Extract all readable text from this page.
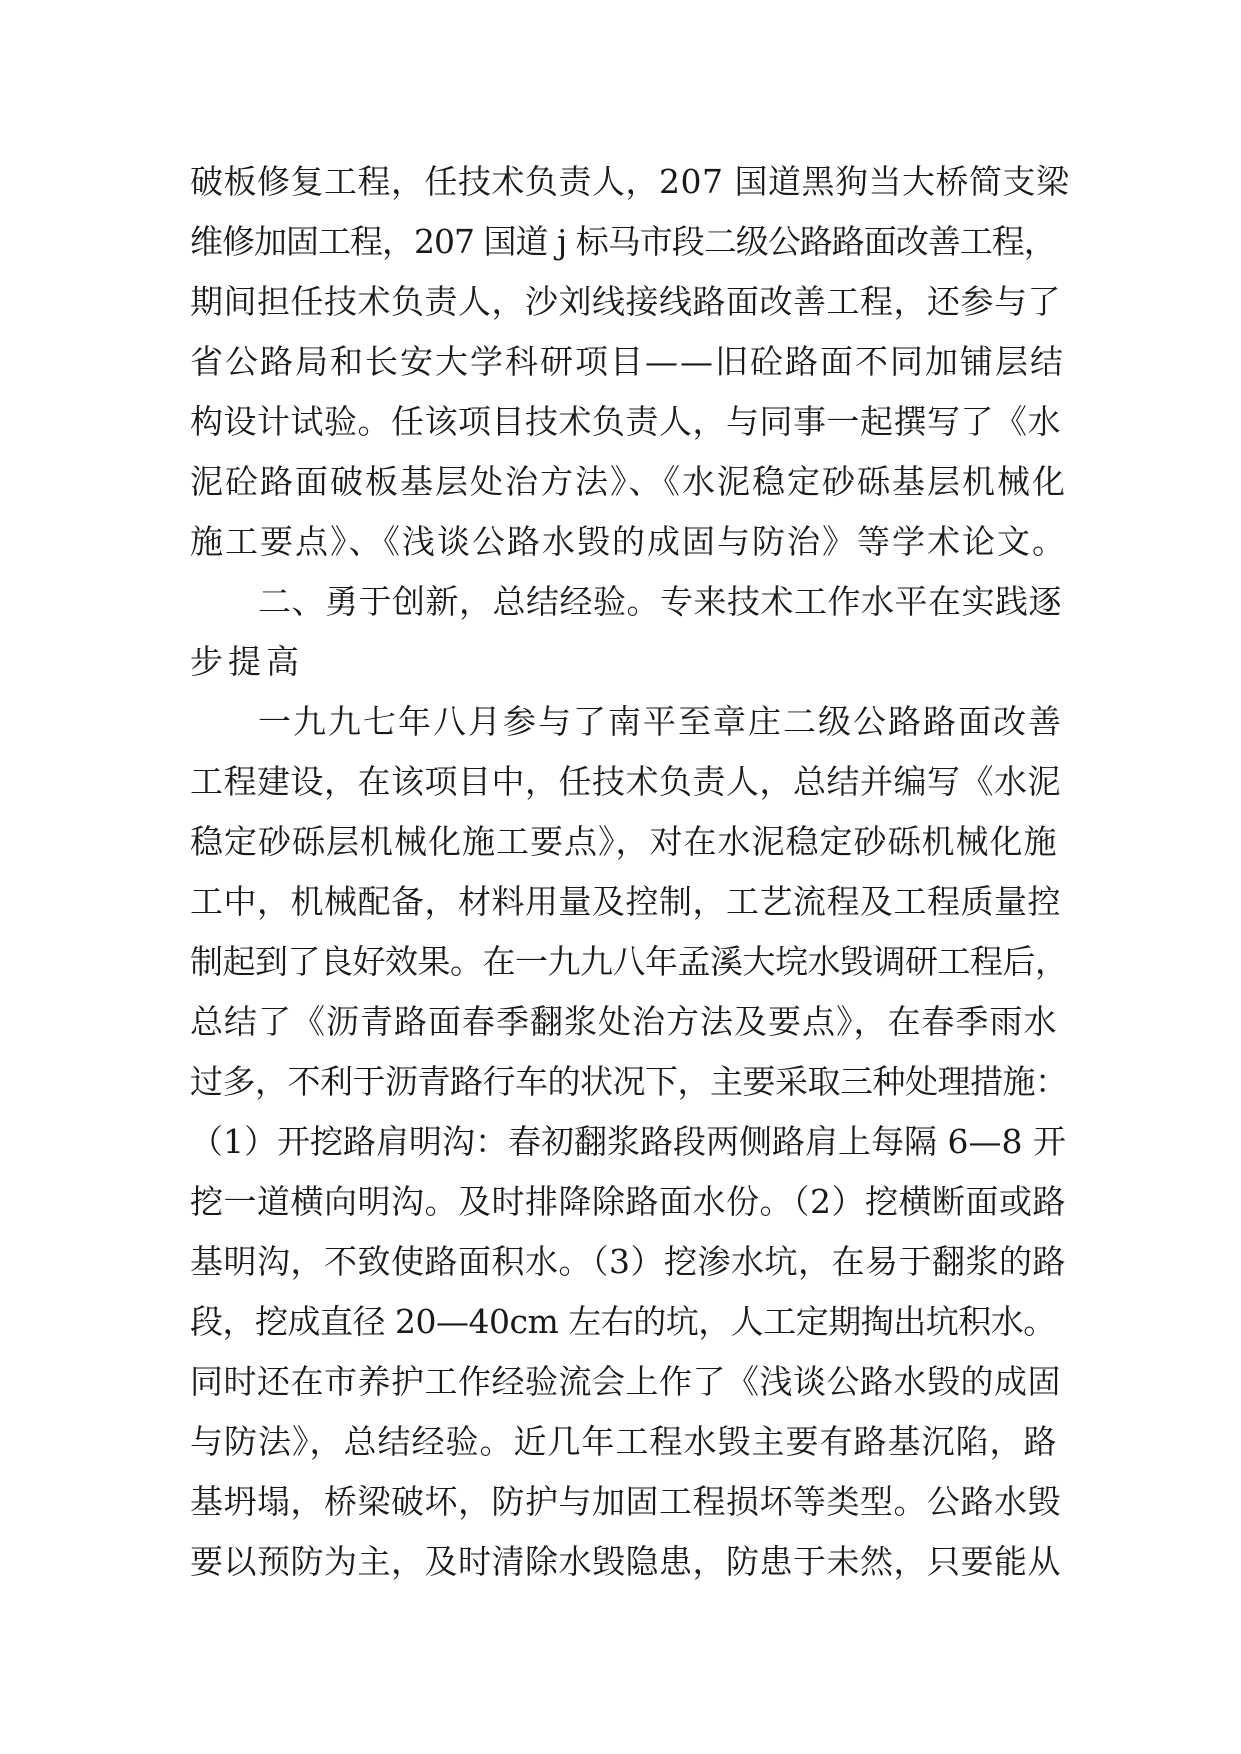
破板修复工程，任技术负责人，207 国道黑狗当大桥简支梁
维修加固工程，207 国道 j 标马市段二级公路路面改善工程，
期间担任技术负责人，沙刘线接线路面改善工程，还参与了
省公路局和长安大学科研项目——旧砼路面不同加铺层结
构设计试验。任该项目技术负责人，与同事一起撰写了《水
泥砼路面破板基层处治方法》、《水泥稳定砂砾基层机械化
施工要点》、《浅谈公路水毁的成固与防治》等学术论文。
二、勇于创新，总结经验。专来技术工作水平在实践逐
步提高
一九九七年八月参与了南平至章庄二级公路路面改善
工程建设，在该项目中，任技术负责人，总结并编写《水泥
稳定砂砾层机械化施工要点》，对在水泥稳定砂砾机械化施
工中，机械配备，材料用量及控制，工艺流程及工程质量控
制起到了良好效果。在一九九八年孟溪大垸水毁调研工程后，
总结了《沥青路面春季翻浆处治方法及要点》，在春季雨水
过多，不利于沥青路行车的状况下，主要采取三种处理措施：
（1）开挖路肩明沟：春初翻浆路段两侧路肩上每隔 6—8 开
挖一道横向明沟。及时排降除路面水份。（2）挖横断面或路
基明沟，不致使路面积水。（3）挖渗水坑，在易于翻浆的路
段，挖成直径 20—40cm 左右的坑，人工定期掏出坑积水。
同时还在市养护工作经验流会上作了《浅谈公路水毁的成固
与防法》，总结经验。近几年工程水毁主要有路基沉陷，路
基坍塌，桥梁破坏，防护与加固工程损坏等类型。公路水毁
要以预防为主，及时清除水毁隐患，防患于未然，只要能从
